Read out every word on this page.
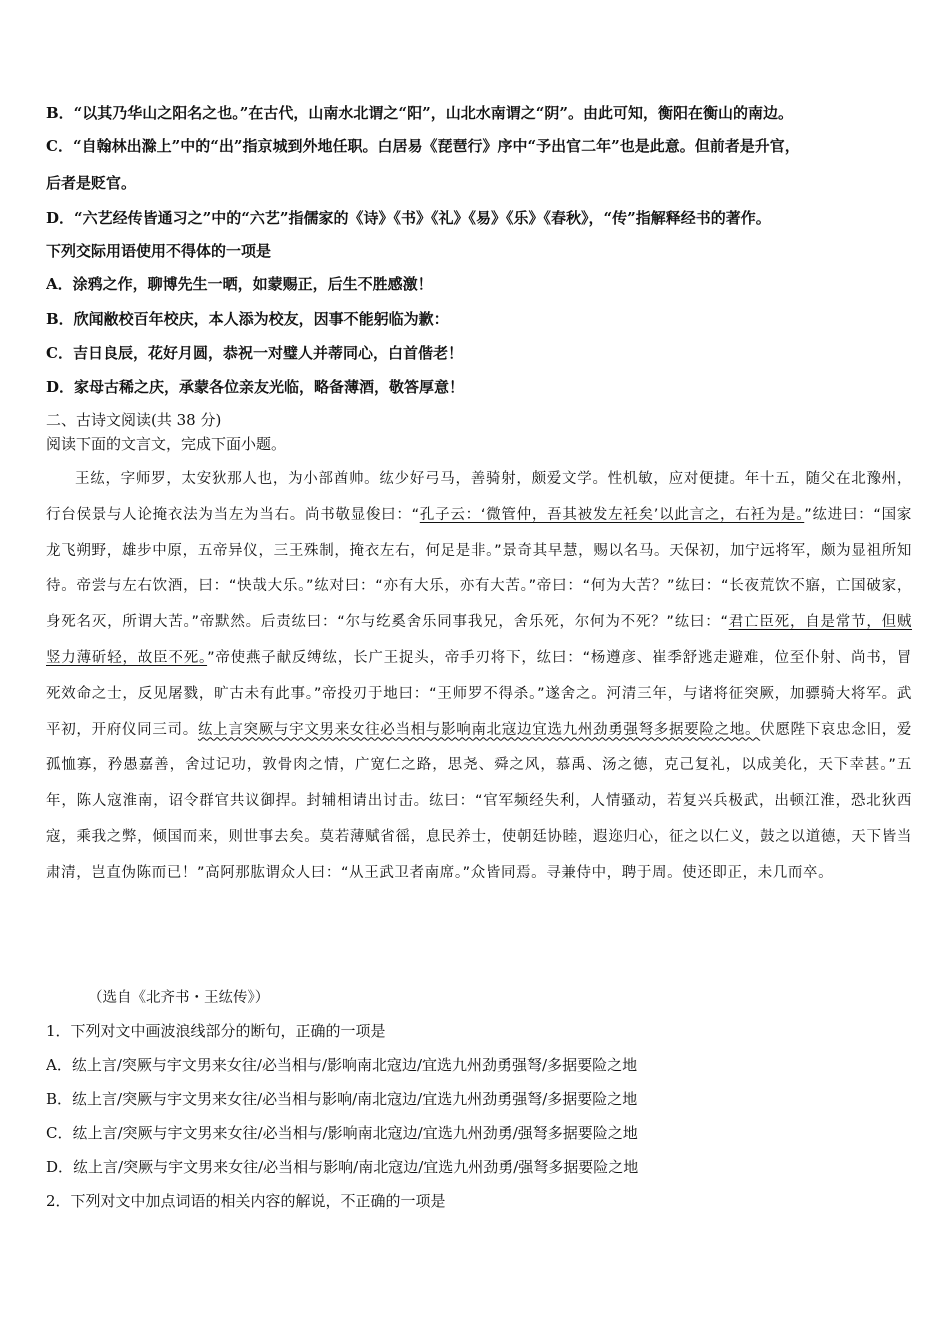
B．“以其乃华山之阳名之也。”在古代，山南水北谓之“阳”，山北水南谓之“阴”。由此可知，衡阳在衡山的南边。
C．“自翰林出滁上”中的“出”指京城到外地任职。白居易《琵琶行》序中“予出官二年”也是此意。但前者是升官，
后者是贬官。
D．“六艺经传皆通习之”中的“六艺”指儒家的《诗》《书》《礼》《易》《乐》《春秋》，“传”指解释经书的著作。
下列交际用语使用不得体的一项是
A．涂鸦之作，聊博先生一晒，如蒙赐正，后生不胜感激！
B．欣闻敝校百年校庆，本人添为校友，因事不能躬临为歉：
C．吉日良辰，花好月圆，恭祝一对璧人并蒂同心，白首偕老！
D．家母古稀之庆，承蒙各位亲友光临，略备薄酒，敬答厚意！
二、古诗文阅读(共 38 分)
阅读下面的文言文，完成下面小题。

王纮，字师罗，太安狄那人也，为小部酋帅。纮少好弓马，善骑射，颇爱文学。性机敏，应对便捷。年十五，随父在北豫州，行台侯景与人论掩衣法为当左为当右。尚书敬显俊曰：“孔子云：‘微管仲，吾其被发左衽矣’以此言之，右衽为是。”纮进曰：“国家龙飞朔野，雄步中原，五帝异仪，三王殊制，掩衣左右，何足是非。”景奇其早慧，赐以名马。天保初，加宁远将军，颇为显祖所知待。帝尝与左右饮酒，曰：“快哉大乐。”纮对曰：“亦有大乐，亦有大苦。”帝曰：“何为大苦？”纮曰：“长夜荒饮不寤，亡国破家，身死名灭，所谓大苦。”帝默然。后责纮曰：“尔与纥奚舍乐同事我兄，舍乐死，尔何为不死？”纮曰：“君亡臣死，自是常节，但贼竖力薄斫轻，故臣不死。”帝使燕子献反缚纮，长广王捉头，帝手刃将下，纮曰：“杨遵彦、崔季舒逃走避难，位至仆射、尚书，冒死效命之士，反见屠戮，旷古未有此事。”帝投刃于地曰：“王师罗不得杀。”遂舍之。河清三年，与诸将征突厥，加骠骑大将军。武平初，开府仪同三司。纮上言突厥与宇文男来女往必当相与影响南北寇边宜选九州劲勇强弩多据要险之地。伏愿陛下哀忠念旧，爱孤恤寡，矜愚嘉善，舍过记功，敦骨肉之情，广宽仁之路，思尧、舜之风，慕禹、汤之德，克己复礼，以成美化，天下幸甚。”五年，陈人寇淮南，诏令群官共议御捍。封辅相请出讨击。纮曰：“官军频经失利，人情骚动，若复兴兵极武，出顿江淮，恐北狄西寇，乘我之弊，倾国而来，则世事去矣。莫若薄赋省徭，息民养士，使朝廷协睦，遐迩归心，征之以仁义，鼓之以道德，天下皆当肃清，岂直伪陈而已！”高阿那肱谓众人曰：“从王武卫者南席。”众皆同焉。寻兼侍中，聘于周。使还即正，未几而卒。

（选自《北齐书・王纮传》）
1．下列对文中画波浪线部分的断句，正确的一项是
A．纮上言/突厥与宇文男来女往/必当相与/影响南北寇边/宜选九州劲勇强弩/多据要险之地
B．纮上言/突厥与宇文男来女往/必当相与影响/南北寇边/宜选九州劲勇强弩/多据要险之地
C．纮上言/突厥与宇文男来女往/必当相与/影响南北寇边/宜选九州劲勇/强弩多据要险之地
D．纮上言/突厥与宇文男来女往/必当相与影响/南北寇边/宜选九州劲勇/强弩多据要险之地
2．下列对文中加点词语的相关内容的解说，不正确的一项是
